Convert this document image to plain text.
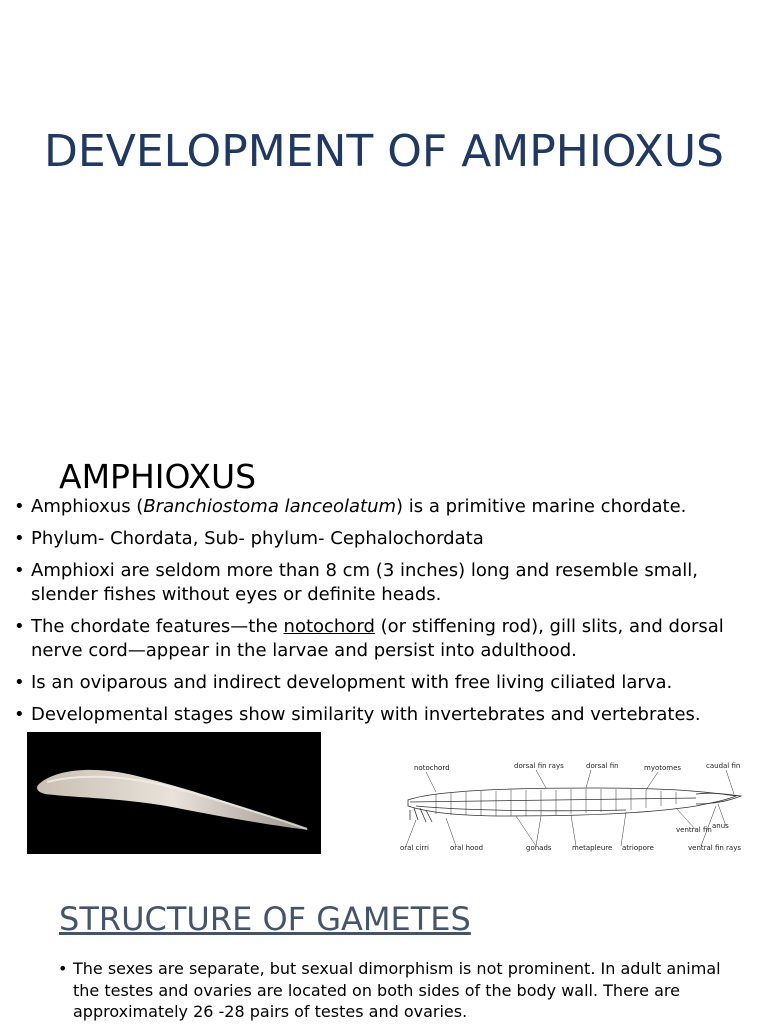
DEVELOPMENT OF AMPHIOXUS
AMPHIOXUS
• Amphioxus (Branchiostoma lanceolatum) is a primitive marine chordate.
• Phylum- Chordata, Sub- phylum- Cephalochordata
• Amphioxi are seldom more than 8 cm (3 inches) long and resemble small, slender fishes without eyes or definite heads.
• The chordate features—the notochord (or stiffening rod), gill slits, and dorsal nerve cord—appear in the larvae and persist into adulthood.
• Is an oviparous and indirect development with free living ciliated larva.
• Developmental stages show similarity with invertebrates and vertebrates.
notochord	dorsal fin rays	dorsal fin	myotomes	caudal fin
ventral fin anus
oral cirri	oral hood	gonads	metapleure atriopore	ventral fin rays
STRUCTURE OF GAMETES
• The sexes are separate, but sexual dimorphism is not prominent. In adult animal the testes and ovaries are located on both sides of the body wall. There are approximately 26 -28 pairs of testes and ovaries.
